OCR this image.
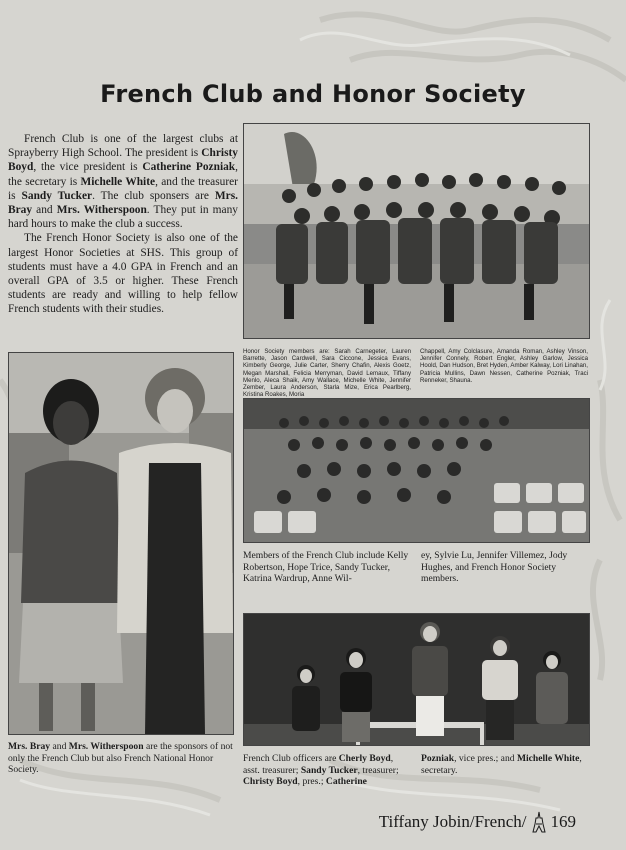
French Club and Honor Society

French Club is one of the largest clubs at Sprayberry High School. The president is Christy Boyd, the vice president is Catherine Pozniak, the secretary is Michelle White, and the treasurer is Sandy Tucker. The club sponsers are Mrs. Bray and Mrs. Witherspoon. They put in many hard hours to make the club a success.

The French Honor Society is also one of the largest Honor Societies at SHS. This group of students must have a 4.0 GPA in French and an overall GPA of 3.5 or higher. These French students are ready and willing to help fellow French students with their studies.

Honor Society members are: Sarah Carnegeter, Lauren Barrette, Jason Cardwell, Sara Ciccone, Jessica Evans, Kimberly George, Julie Carter, Sherry Chafin, Alexis Goetz, Megan Marshall, Felicia Merryman, David Lemaux, Tiffany Menlo, Aleca Shaik, Amy Wallace, Michelle White, Jennifer Zember, Laura Anderson, Starla Mize, Erica Pearlberg, Kristina Roakes, Moria
Chappell, Amy Colclasure, Amanda Roman, Ashley Vinson, Jennifer Connely, Robert Engler, Ashley Garlow, Jessica Hoold, Dan Hudson, Bret Hyden, Amber Kalway, Lori Linahan, Patricia Mullins, Dawn Nessen, Catherine Pozniak, Traci Renneker, Shauna.
Mrs. Bray and Mrs. Witherspoon are the sponsors of not only the French Club but also French National Honor Society.
Members of the French Club include Kelly Robertson, Hope Trice, Sandy Tucker, Katrina Wardrup, Anne Wil-
ey, Sylvie Lu, Jennifer Villemez, Jody Hughes, and French Honor Society members.
French Club officers are Cherly Boyd, asst. treasurer; Sandy Tucker, treasurer; Christy Boyd, pres.; Catherine
Pozniak, vice pres.; and Michelle White, secretary.
Tiffany Jobin/French/ 169
